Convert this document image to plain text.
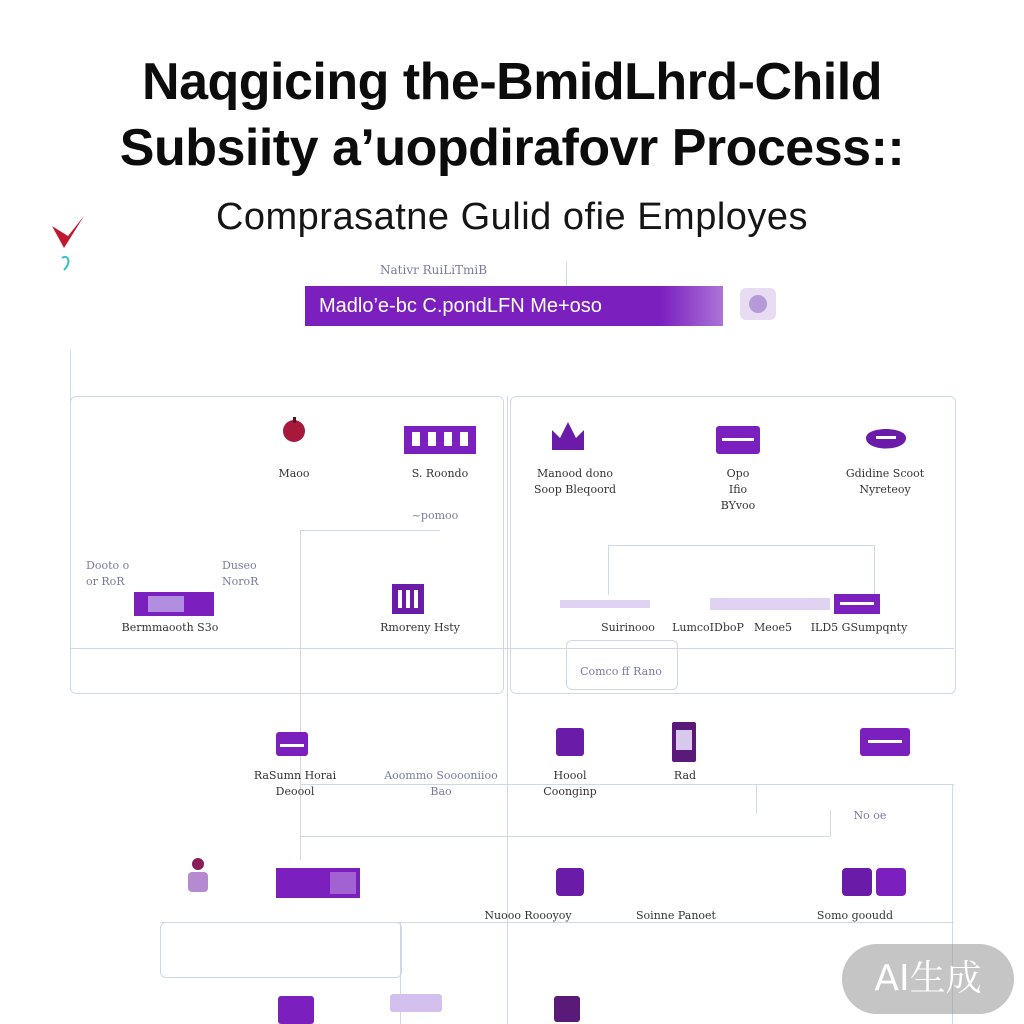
Naqgicing the-BmidLhrd-Child
Subsiity a’uopdirafovr Process::
Comprasatne Gulid ofie Employes
Nativr RuiLiTmiB
Madlo’e-bc C.pondLFN Me+oso
Maoo	S. Roondo
~pomoo
Manood dono
Soop Bleqoord
Opo
Ifio
BYvoo
Gdidine Scoot
Nyreteoy
Dooto o
or RoR
Bermmaooth S3o
Duseo
NoroR
Rmoreny Hsty	Suirinooo	LumcoIDboP Meoe5	ILD5 GSumpqnty
Comco ff Rano
RaSumn Horai
Deoool
Aoommo Sooooniioo
Bao
Hoool
Coonginp
Rad
No oe
Nuooo Roooyoy	Soinne Panoet	Somo gooudd
AI生成
